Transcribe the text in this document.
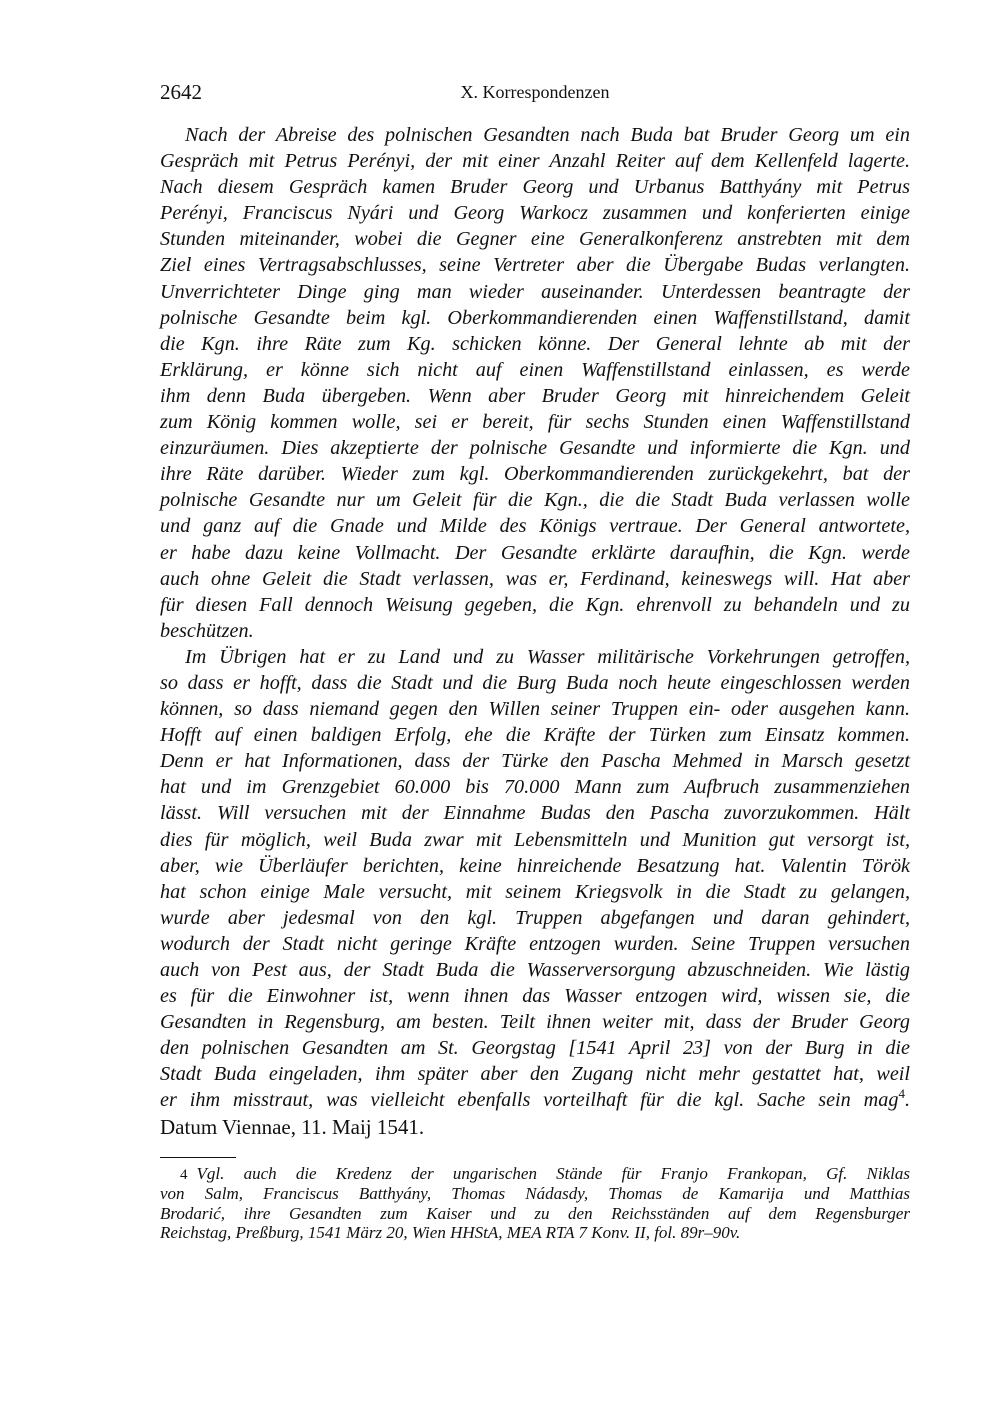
2642	X. Korrespondenzen
Nach der Abreise des polnischen Gesandten nach Buda bat Bruder Georg um ein
Gespräch mit Petrus Perényi, der mit einer Anzahl Reiter auf dem Kellenfeld lagerte.
Nach diesem Gespräch kamen Bruder Georg und Urbanus Batthyány mit Petrus
Perényi, Franciscus Nyári und Georg Warkocz zusammen und konferierten einige
Stunden miteinander, wobei die Gegner eine Generalkonferenz anstrebten mit dem
Ziel eines Vertragsabschlusses, seine Vertreter aber die Übergabe Budas verlangten.
Unverrichteter Dinge ging man wieder auseinander. Unterdessen beantragte der
polnische Gesandte beim kgl. Oberkommandierenden einen Waffenstillstand, damit
die Kgn. ihre Räte zum Kg. schicken könne. Der General lehnte ab mit der
Erklärung, er könne sich nicht auf einen Waffenstillstand einlassen, es werde
ihm denn Buda übergeben. Wenn aber Bruder Georg mit hinreichendem Geleit
zum König kommen wolle, sei er bereit, für sechs Stunden einen Waffenstillstand
einzuräumen. Dies akzeptierte der polnische Gesandte und informierte die Kgn. und
ihre Räte darüber. Wieder zum kgl. Oberkommandierenden zurückgekehrt, bat der
polnische Gesandte nur um Geleit für die Kgn., die die Stadt Buda verlassen wolle
und ganz auf die Gnade und Milde des Königs vertraue. Der General antwortete,
er habe dazu keine Vollmacht. Der Gesandte erklärte daraufhin, die Kgn. werde
auch ohne Geleit die Stadt verlassen, was er, Ferdinand, keineswegs will. Hat aber
für diesen Fall dennoch Weisung gegeben, die Kgn. ehrenvoll zu behandeln und zu
beschützen.
Im Übrigen hat er zu Land und zu Wasser militärische Vorkehrungen getroffen,
so dass er hofft, dass die Stadt und die Burg Buda noch heute eingeschlossen werden
können, so dass niemand gegen den Willen seiner Truppen ein- oder ausgehen kann.
Hofft auf einen baldigen Erfolg, ehe die Kräfte der Türken zum Einsatz kommen.
Denn er hat Informationen, dass der Türke den Pascha Mehmed in Marsch gesetzt
hat und im Grenzgebiet 60.000 bis 70.000 Mann zum Aufbruch zusammenziehen
lässt. Will versuchen mit der Einnahme Budas den Pascha zuvorzukommen. Hält
dies für möglich, weil Buda zwar mit Lebensmitteln und Munition gut versorgt ist,
aber, wie Überläufer berichten, keine hinreichende Besatzung hat. Valentin Török
hat schon einige Male versucht, mit seinem Kriegsvolk in die Stadt zu gelangen,
wurde aber jedesmal von den kgl. Truppen abgefangen und daran gehindert,
wodurch der Stadt nicht geringe Kräfte entzogen wurden. Seine Truppen versuchen
auch von Pest aus, der Stadt Buda die Wasserversorgung abzuschneiden. Wie lästig
es für die Einwohner ist, wenn ihnen das Wasser entzogen wird, wissen sie, die
Gesandten in Regensburg, am besten. Teilt ihnen weiter mit, dass der Bruder Georg
den polnischen Gesandten am St. Georgstag [1541 April 23] von der Burg in die
Stadt Buda eingeladen, ihm später aber den Zugang nicht mehr gestattet hat, weil
er ihm misstraut, was vielleicht ebenfalls vorteilhaft für die kgl. Sache sein mag$^4$.
Datum Viennae, 11. Maij 1541.
4 Vgl. auch die Kredenz der ungarischen Stände für Franjo Frankopan, Gf. Niklas
von Salm, Franciscus Batthyány, Thomas Nádasdy, Thomas de Kamarija und Matthias
Brodarić, ihre Gesandten zum Kaiser und zu den Reichsständen auf dem Regensburger
Reichstag, Preßburg, 1541 März 20, Wien HHStA, MEA RTA 7 Konv. II, fol. 89r–90v.
